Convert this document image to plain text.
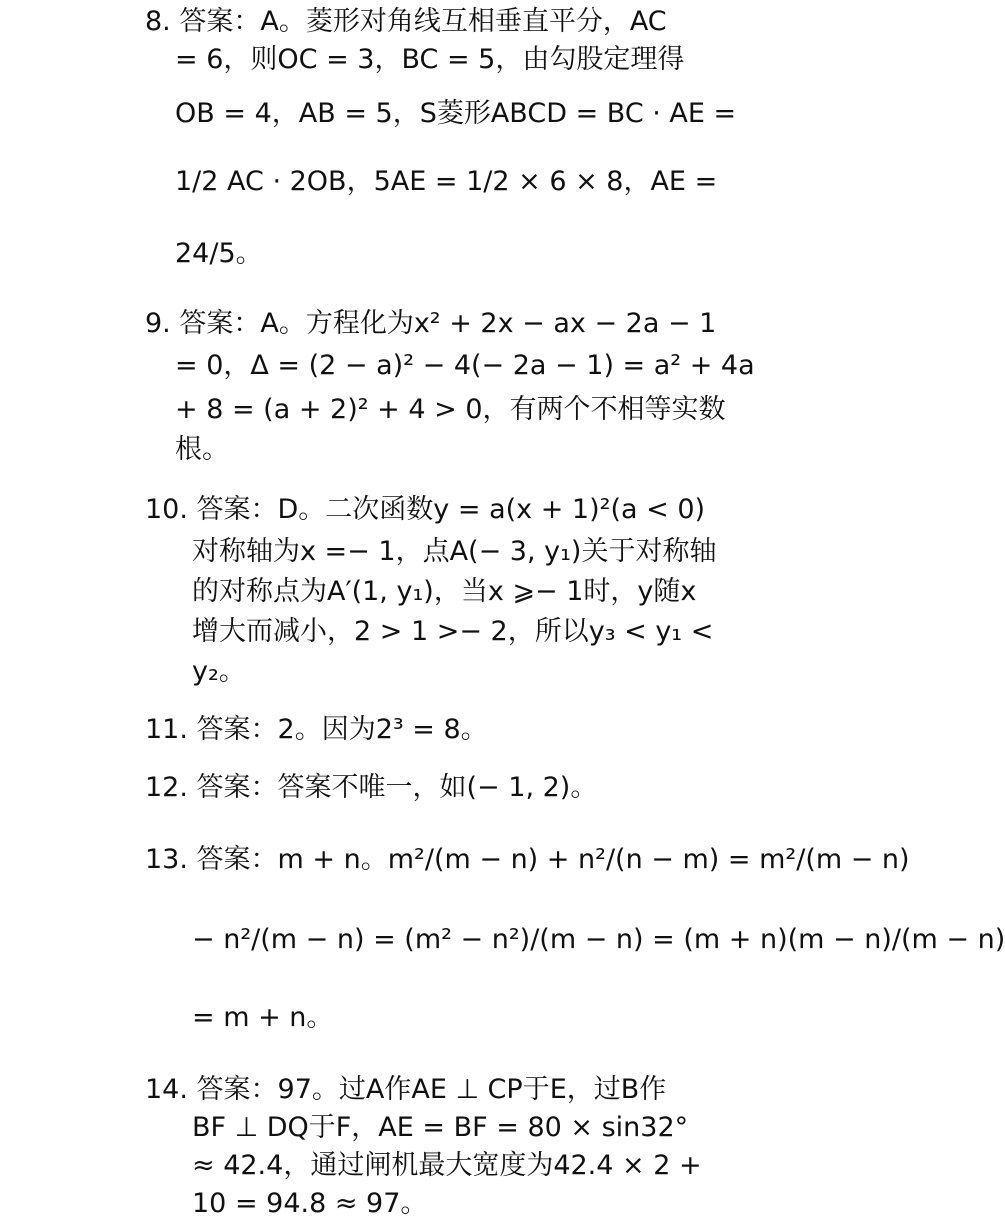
8. 答案：A。菱形对角线互相垂直平分，AC
= 6，则OC = 3，BC = 5，由勾股定理得
OB = 4，AB = 5，S菱形ABCD = BC · AE =
1/2 AC · 2OB，5AE = 1/2 × 6 × 8，AE =
24/5。
9. 答案：A。方程化为x² + 2x − ax − 2a − 1
= 0，Δ = (2 − a)² − 4(− 2a − 1) = a² + 4a
+ 8 = (a + 2)² + 4 > 0，有两个不相等实数
根。
10. 答案：D。二次函数y = a(x + 1)²(a < 0)
对称轴为x =− 1，点A(− 3, y₁)关于对称轴
的对称点为A′(1, y₁)，当x ⩾− 1时，y随x
增大而减小，2 > 1 >− 2，所以y₃ < y₁ <
y₂。
11. 答案：2。因为2³ = 8。
12. 答案：答案不唯一，如(− 1, 2)。
13. 答案：m + n。m²/(m − n) + n²/(n − m) = m²/(m − n)
− n²/(m − n) = (m² − n²)/(m − n) = (m + n)(m − n)/(m − n)
= m + n。
14. 答案：97。过A作AE ⊥ CP于E，过B作
BF ⊥ DQ于F，AE = BF = 80 × sin32°
≈ 42.4，通过闸机最大宽度为42.4 × 2 +
10 = 94.8 ≈ 97。
